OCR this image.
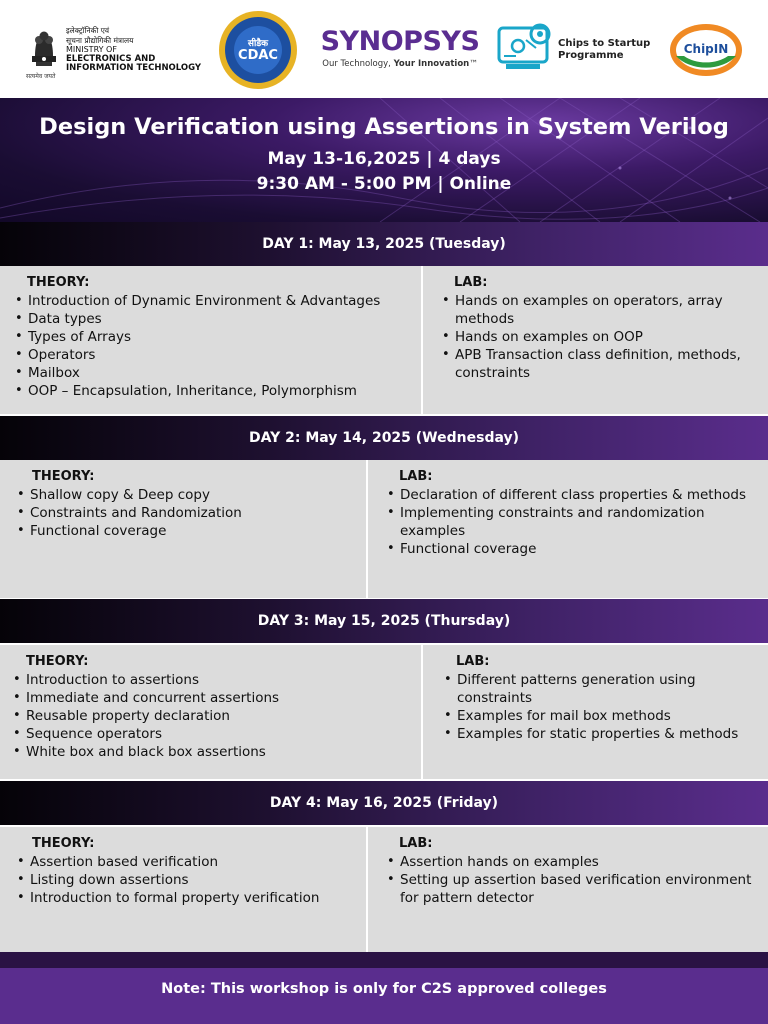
इलेक्ट्रॉनिकी एवं
सूचना प्रौद्योगिकी मंत्रालय
MINISTRY OF
ELECTRONICS AND
INFORMATION TECHNOLOGY
सत्यमेव जयते
सीडैक
CDAC	SYNOPSYS
Our Technology, Your Innovation™
Chips to Startup
Programme	ChipIN
Design Verification using Assertions in System Verilog
May 13-16,2025 | 4 days
9:30 AM - 5:00 PM | Online
DAY 1: May 13, 2025 (Tuesday)
THEORY:
• Introduction of Dynamic Environment & Advantages
• Data types
• Types of Arrays
• Operators
• Mailbox
• OOP – Encapsulation, Inheritance, Polymorphism
LAB:
• Hands on examples on operators, array methods
• Hands on examples on OOP
• APB Transaction class definition, methods, constraints
DAY 2: May 14, 2025 (Wednesday)
THEORY:
• Shallow copy & Deep copy
• Constraints and Randomization
• Functional coverage
LAB:
• Declaration of different class properties & methods
• Implementing constraints and randomization examples
• Functional coverage
DAY 3: May 15, 2025 (Thursday)
THEORY:
• Introduction to assertions
• Immediate and concurrent assertions
• Reusable property declaration
• Sequence operators
• White box and black box assertions
LAB:
• Different patterns generation using constraints
• Examples for mail box methods
• Examples for static properties & methods
DAY 4: May 16, 2025 (Friday)
THEORY:
• Assertion based verification
• Listing down assertions
• Introduction to formal property verification
LAB:
• Assertion hands on examples
• Setting up assertion based verification environment for pattern detector
Note: This workshop is only for C2S approved colleges
